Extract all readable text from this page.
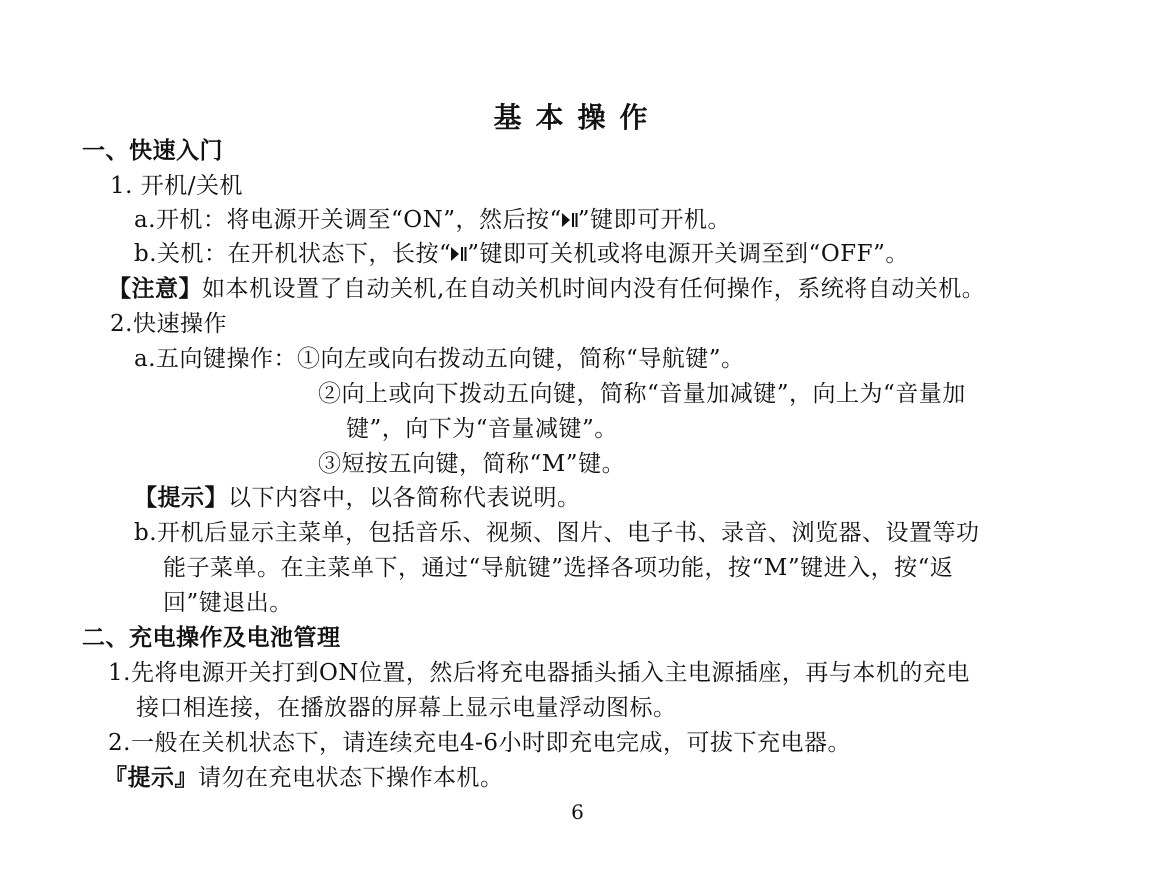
基本操作
一、快速入门
1. 开机/关机
a.开机：将电源开关调至“ON”，然后按“ ”键即可开机。
b.关机：在开机状态下，长按“ ”键即可关机或将电源开关调至到“OFF”。
【注意】如本机设置了自动关机,在自动关机时间内没有任何操作，系统将自动关机。
2.快速操作
a.五向键操作：①向左或向右拨动五向键，简称“导航键”。
②向上或向下拨动五向键，简称“音量加减键”，向上为“音量加
键”，向下为“音量减键”。
③短按五向键，简称“M”键。
【提示】以下内容中，以各简称代表说明。
b.开机后显示主菜单，包括音乐、视频、图片、电子书、录音、浏览器、设置等功
能子菜单。在主菜单下，通过“导航键”选择各项功能，按“M”键进入，按“返
回”键退出。
二、充电操作及电池管理
1.先将电源开关打到ON位置，然后将充电器插头插入主电源插座，再与本机的充电
接口相连接，在播放器的屏幕上显示电量浮动图标。
2.一般在关机状态下，请连续充电4-6小时即充电完成，可拔下充电器。
『提示』请勿在充电状态下操作本机。
6
